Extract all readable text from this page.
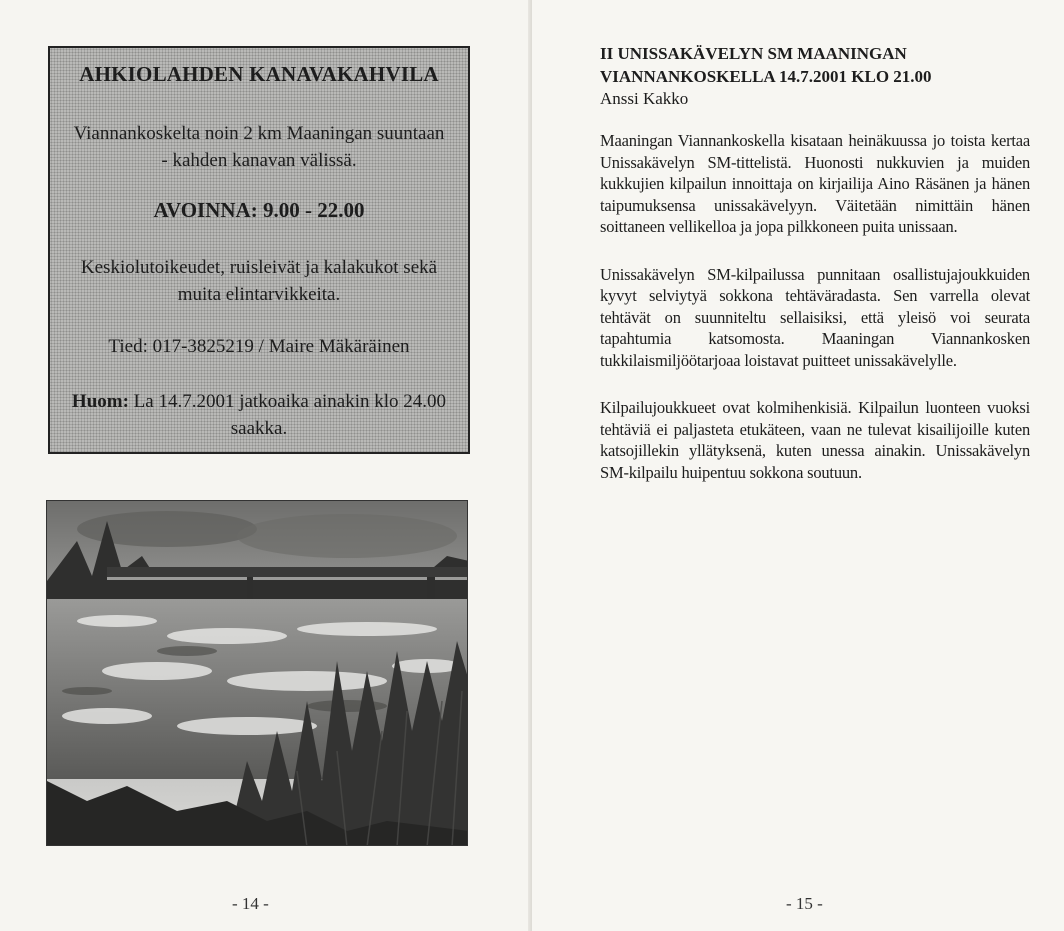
AHKIOLAHDEN KANAVAKAHVILA
Viannankoskelta noin 2 km Maaningan suuntaan - kahden kanavan välissä.
AVOINNA: 9.00 - 22.00
Keskiolutoikeudet, ruisleivät ja kalakukot sekä muita elintarvikkeita.
Tied: 017-3825219 / Maire Mäkäräinen
Huom: La 14.7.2001 jatkoaika ainakin klo 24.00 saakka.
- 14 -
II UNISSAKÄVELYN SM MAANINGAN VIANNANKOSKELLA 14.7.2001 KLO 21.00
Anssi Kakko

Maaningan Viannankoskella kisataan heinäkuussa jo toista kertaa Unissakävelyn SM-tittelistä. Huonosti nukkuvien ja muiden kukkujien kilpailun innoittaja on kirjailija Aino Räsänen ja hänen taipumuksensa unissakävelyyn. Väitetään nimittäin hänen soittaneen vellikelloa ja jopa pilkkoneen puita unissaan.

Unissakävelyn SM-kilpailussa punnitaan osallistujajoukkuiden kyvyt selviytyä sokkona tehtäväradasta. Sen varrella olevat tehtävät on suunniteltu sellaisiksi, että yleisö voi seurata tapahtumia katsomosta. Maaningan Viannankosken tukkilaismiljöötarjoaa loistavat puitteet unissakävelylle.

Kilpailujoukkueet ovat kolmihenkisiä. Kilpailun luonteen vuoksi tehtäviä ei paljasteta etukäteen, vaan ne tulevat kisailijoille kuten katsojillekin yllätyksenä, kuten unessa ainakin. Unissakävelyn SM-kilpailu huipentuu sokkona soutuun.

- 15 -
